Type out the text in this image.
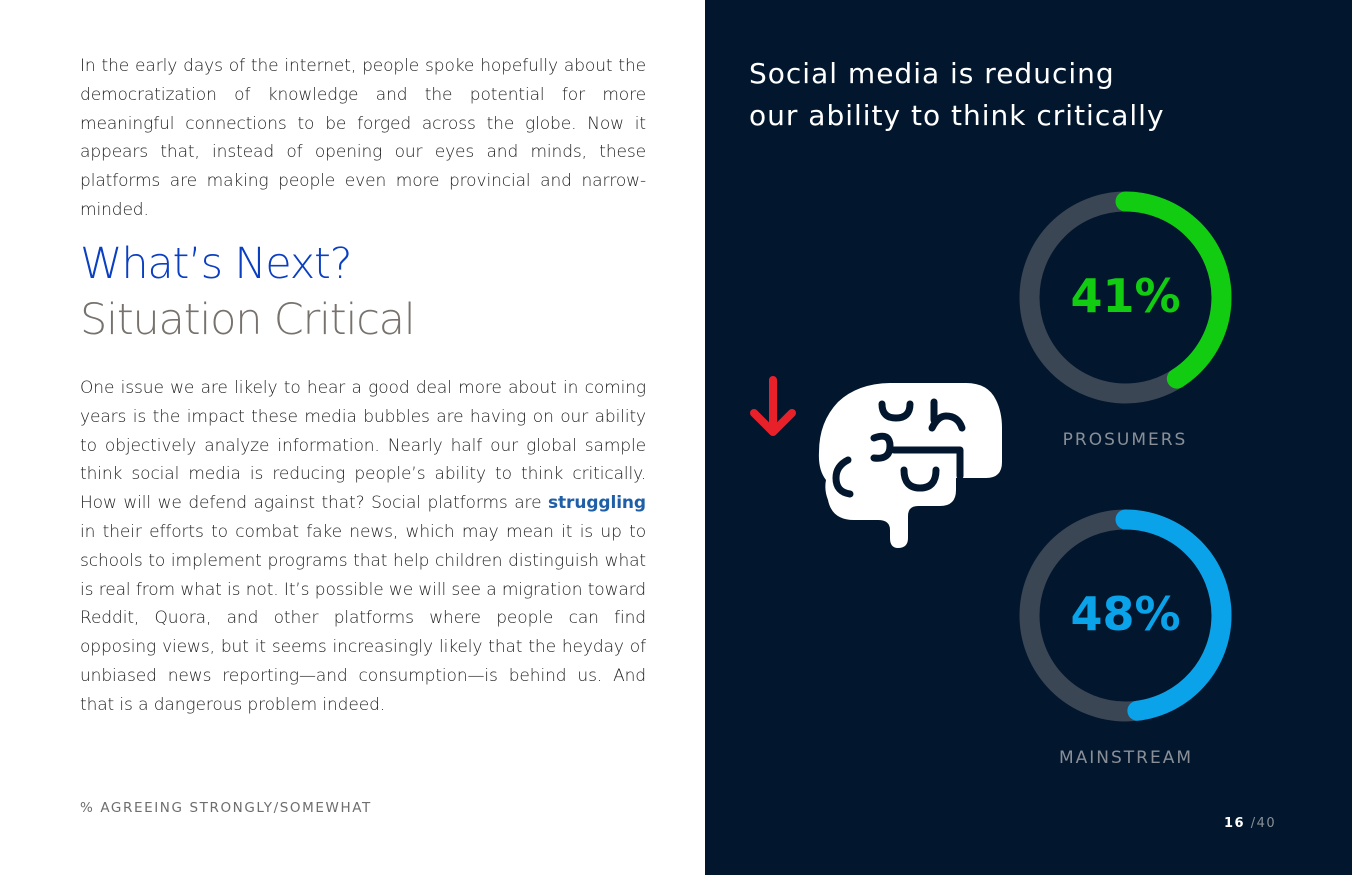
In the early days of the internet, people spoke hopefully about the democratization of knowledge and the potential for more meaningful connections to be forged across the globe. Now it appears that, instead of opening our eyes and minds, these platforms are making people even more provincial and narrow-minded.

What’s Next?
Situation Critical

One issue we are likely to hear a good deal more about in coming years is the impact these media bubbles are having on our ability to objectively analyze information. Nearly half our global sample think social media is reducing people’s ability to think critically. How will we defend against that? Social platforms are struggling in their efforts to combat fake news, which may mean it is up to schools to implement programs that help children distinguish what is real from what is not. It’s possible we will see a migration toward Reddit, Quora, and other platforms where people can find opposing views, but it seems increasingly likely that the heyday of unbiased news reporting—and consumption—is behind us. And that is a dangerous problem indeed.

% AGREEING STRONGLY/SOMEWHAT
Social media is reducing
our ability to think critically
41%
PROSUMERS
48%
MAINSTREAM
16 /40
